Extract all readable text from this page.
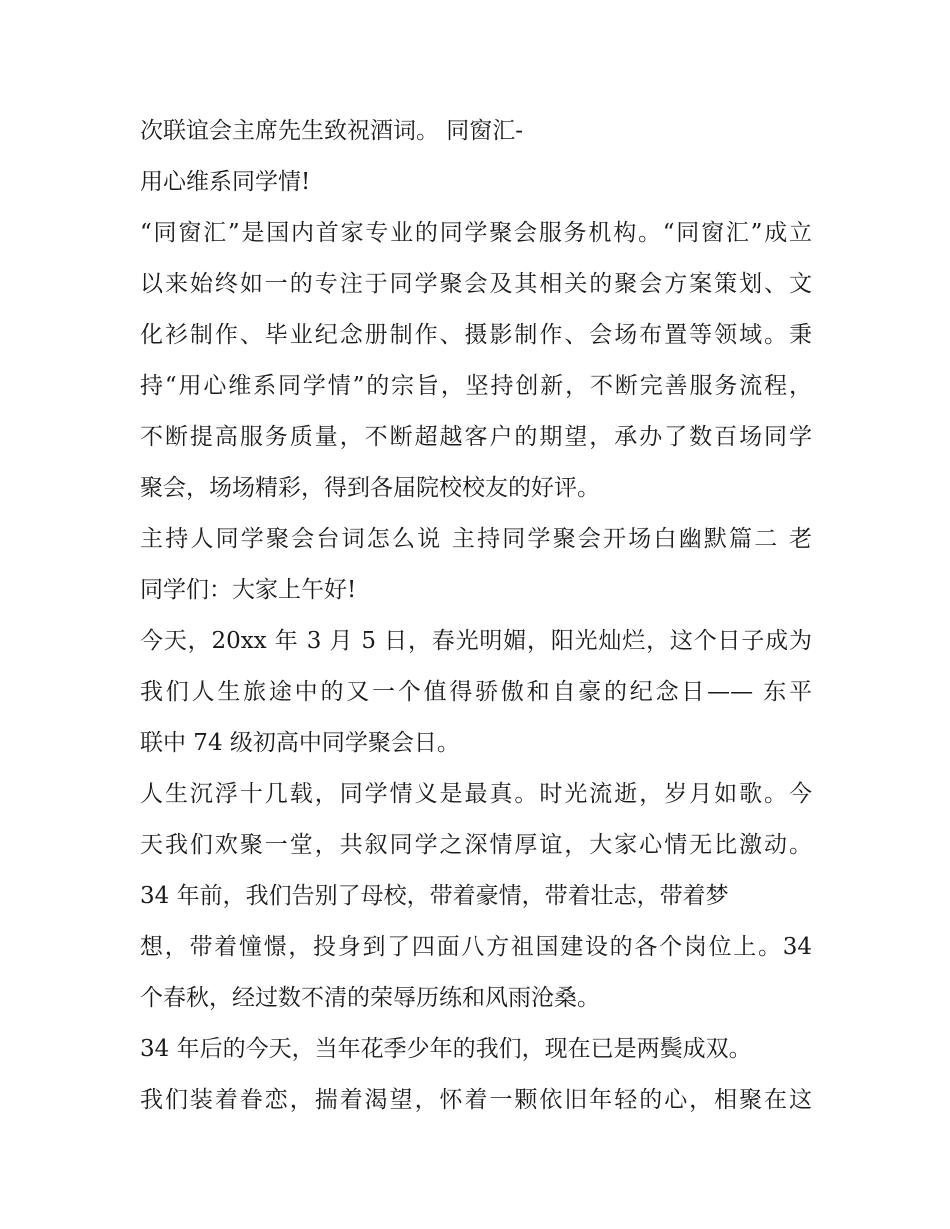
次联谊会主席先生致祝酒词。 同窗汇-
用心维系同学情!
“同窗汇”是国内首家专业的同学聚会服务机构。“同窗汇”成立
以来始终如一的专注于同学聚会及其相关的聚会方案策划、文
化衫制作、毕业纪念册制作、摄影制作、会场布置等领域。秉
持“用心维系同学情”的宗旨，坚持创新，不断完善服务流程，
不断提高服务质量，不断超越客户的期望，承办了数百场同学
聚会，场场精彩，得到各届院校校友的好评。
主持人同学聚会台词怎么说 主持同学聚会开场白幽默篇二 老
同学们：大家上午好!
今天，20xx 年 3 月 5 日，春光明媚，阳光灿烂，这个日子成为
我们人生旅途中的又一个值得骄傲和自豪的纪念日—— 东平
联中 74 级初高中同学聚会日。
人生沉浮十几载，同学情义是最真。时光流逝，岁月如歌。今
天我们欢聚一堂，共叙同学之深情厚谊，大家心情无比激动。
34 年前，我们告别了母校，带着豪情，带着壮志，带着梦
想，带着憧憬，投身到了四面八方祖国建设的各个岗位上。34
个春秋，经过数不清的荣辱历练和风雨沧桑。
34 年后的今天，当年花季少年的我们，现在已是两鬓成双。
我们装着眷恋，揣着渴望，怀着一颗依旧年轻的心，相聚在这
